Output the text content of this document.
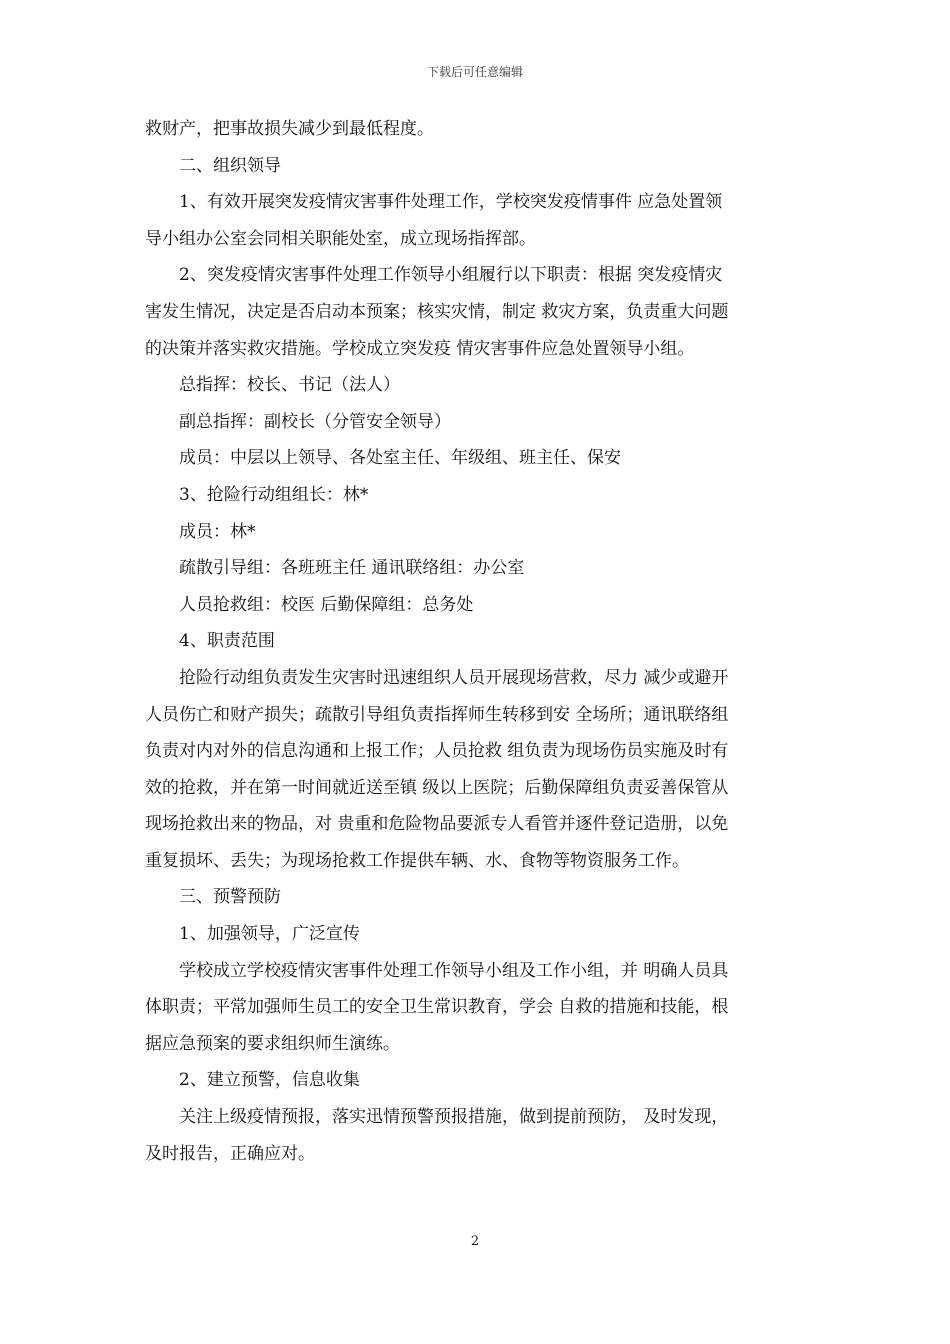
下载后可任意编辑
救财产，把事故损失减少到最低程度。
二、组织领导
1、有效开展突发疫情灾害事件处理工作，学校突发疫情事件 应急处置领
导小组办公室会同相关职能处室，成立现场指挥部。
2、突发疫情灾害事件处理工作领导小组履行以下职责：根据 突发疫情灾
害发生情况，决定是否启动本预案；核实灾情，制定 救灾方案，负责重大问题
的决策并落实救灾措施。学校成立突发疫 情灾害事件应急处置领导小组。
总指挥：校长、书记（法人）
副总指挥：副校长（分管安全领导）
成员：中层以上领导、各处室主任、年级组、班主任、保安
3、抢险行动组组长：林*
成员：林*
疏散引导组：各班班主任 通讯联络组：办公室
人员抢救组：校医 后勤保障组：总务处
4、职责范围
抢险行动组负责发生灾害时迅速组织人员开展现场营救，尽力 减少或避开
人员伤亡和财产损失；疏散引导组负责指挥师生转移到安 全场所；通讯联络组
负责对内对外的信息沟通和上报工作；人员抢救 组负责为现场伤员实施及时有
效的抢救，并在第一时间就近送至镇 级以上医院；后勤保障组负责妥善保管从
现场抢救出来的物品，对 贵重和危险物品要派专人看管并逐件登记造册，以免
重复损坏、丢失；为现场抢救工作提供车辆、水、食物等物资服务工作。
三、预警预防
1、加强领导，广泛宣传
学校成立学校疫情灾害事件处理工作领导小组及工作小组，并 明确人员具
体职责；平常加强师生员工的安全卫生常识教育，学会 自救的措施和技能，根
据应急预案的要求组织师生演练。
2、建立预警，信息收集
关注上级疫情预报，落实迅情预警预报措施，做到提前预防， 及时发现，
及时报告，正确应对。
2
